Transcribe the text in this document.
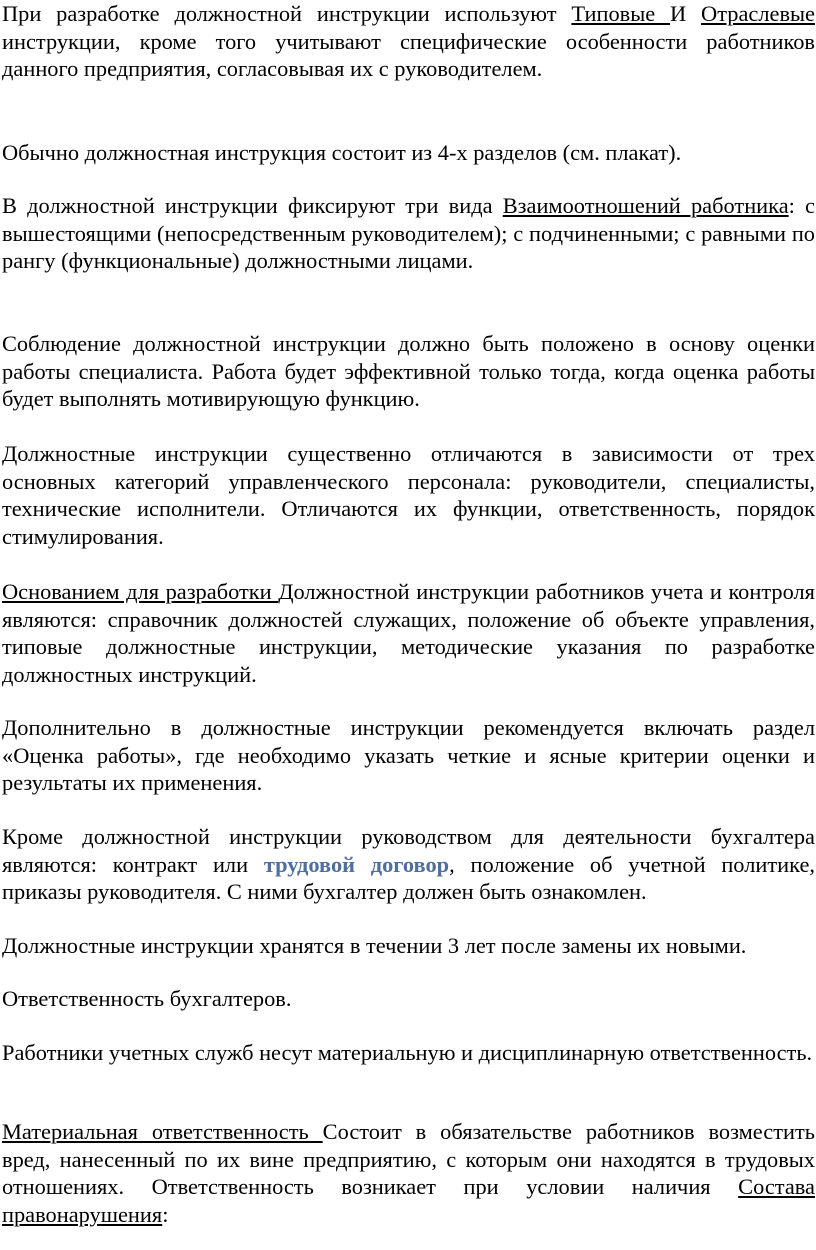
При разработке должностной инструкции используют Типовые И Отраслевые инструкции, кроме того учитывают специфические особенности работников данного предприятия, согласовывая их с руководителем.

Обычно должностная инструкция состоит из 4-х разделов (см. плакат).

В должностной инструкции фиксируют три вида Взаимоотношений работника: с вышестоящими (непосредственным руководителем); с подчиненными; с равными по рангу (функциональные) должностными лицами.

Соблюдение должностной инструкции должно быть положено в основу оценки работы специалиста. Работа будет эффективной только тогда, когда оценка работы будет выполнять мотивирующую функцию.

Должностные инструкции существенно отличаются в зависимости от трех основных категорий управленческого персонала: руководители, специалисты, технические исполнители. Отличаются их функции, ответственность, порядок стимулирования.

Основанием для разработки Должностной инструкции работников учета и контроля являются: справочник должностей служащих, положение об объекте управления, типовые должностные инструкции, методические указания по разработке должностных инструкций.

Дополнительно в должностные инструкции рекомендуется включать раздел «Оценка работы», где необходимо указать четкие и ясные критерии оценки и результаты их применения.

Кроме должностной инструкции руководством для деятельности бухгалтера являются: контракт или трудовой договор, положение об учетной политике, приказы руководителя. С ними бухгалтер должен быть ознакомлен.

Должностные инструкции хранятся в течении 3 лет после замены их новыми.

Ответственность бухгалтеров.

Работники учетных служб несут материальную и дисциплинарную ответственность.

Материальная ответственность Состоит в обязательстве работников возместить вред, нанесенный по их вине предприятию, с которым они находятся в трудовых отношениях. Ответственность возникает при условии наличия Состава правонарушения:
